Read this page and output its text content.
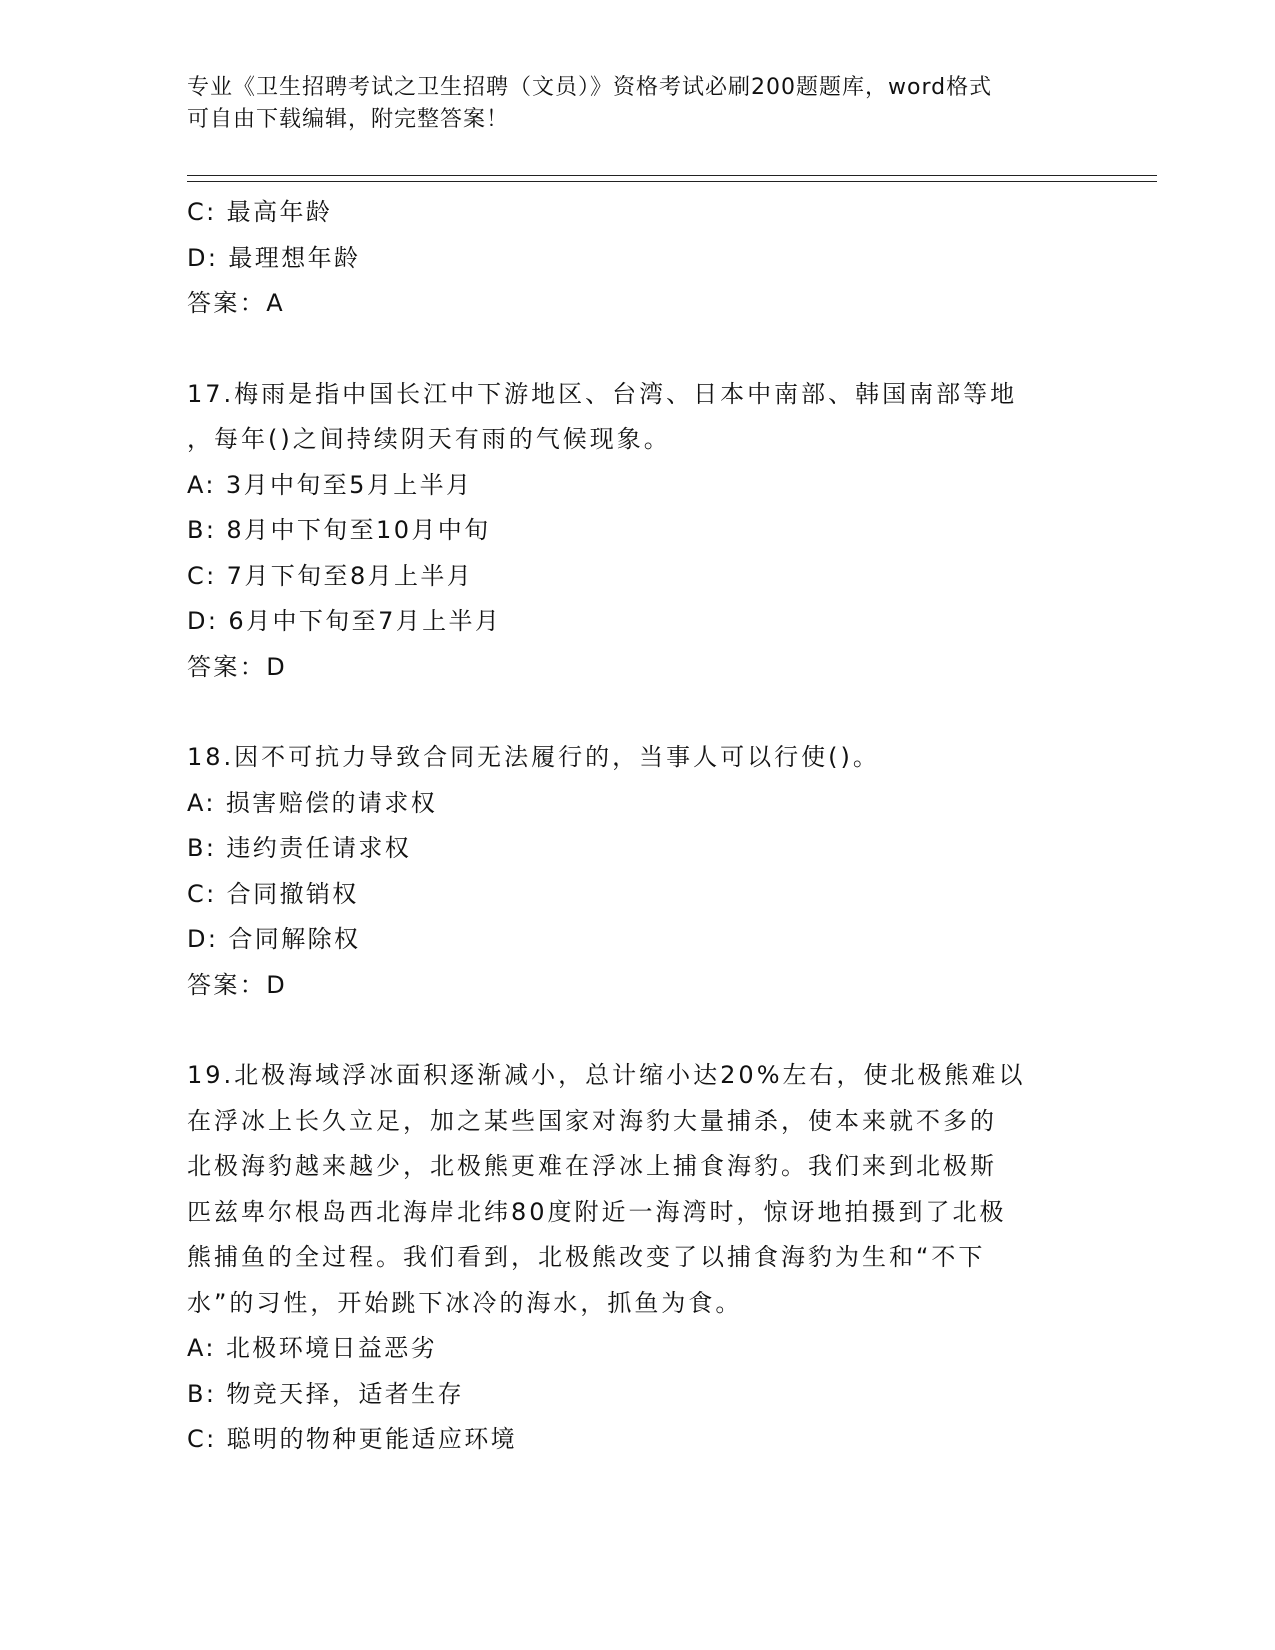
专业《卫生招聘考试之卫生招聘（文员）》资格考试必刷200题题库，word格式
可自由下载编辑，附完整答案！
C: 最高年龄
D: 最理想年龄
答案：A
17.梅雨是指中国长江中下游地区、台湾、日本中南部、韩国南部等地
，每年()之间持续阴天有雨的气候现象。
A: 3月中旬至5月上半月
B: 8月中下旬至10月中旬
C: 7月下旬至8月上半月
D: 6月中下旬至7月上半月
答案：D
18.因不可抗力导致合同无法履行的，当事人可以行使()。
A: 损害赔偿的请求权
B: 违约责任请求权
C: 合同撤销权
D: 合同解除权
答案：D
19.北极海域浮冰面积逐渐减小，总计缩小达20%左右，使北极熊难以
在浮冰上长久立足，加之某些国家对海豹大量捕杀，使本来就不多的
北极海豹越来越少，北极熊更难在浮冰上捕食海豹。我们来到北极斯
匹兹卑尔根岛西北海岸北纬80度附近一海湾时，惊讶地拍摄到了北极
熊捕鱼的全过程。我们看到，北极熊改变了以捕食海豹为生和“不下
水”的习性，开始跳下冰冷的海水，抓鱼为食。
A: 北极环境日益恶劣
B: 物竞天择，适者生存
C: 聪明的物种更能适应环境
